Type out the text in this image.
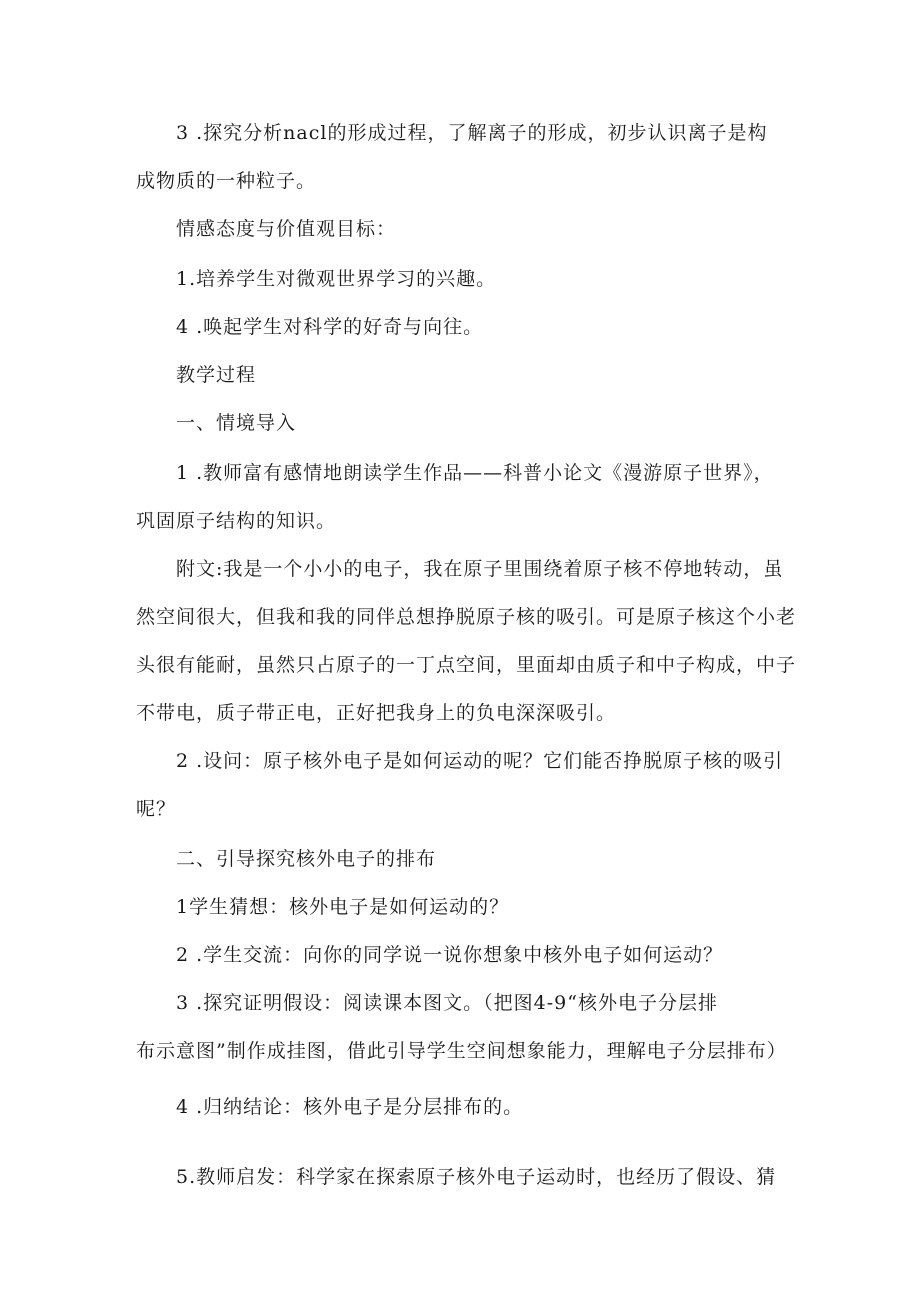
3 .探究分析nacl的形成过程，了解离子的形成，初步认识离子是构
成物质的一种粒子。
情感态度与价值观目标：
1.培养学生对微观世界学习的兴趣。
4 .唤起学生对科学的好奇与向往。
教学过程
一、情境导入
1 .教师富有感情地朗读学生作品——科普小论文《漫游原子世界》，
巩固原子结构的知识。
附文:我是一个小小的电子，我在原子里围绕着原子核不停地转动，虽
然空间很大，但我和我的同伴总想挣脱原子核的吸引。可是原子核这个小老
头很有能耐，虽然只占原子的一丁点空间，里面却由质子和中子构成，中子
不带电，质子带正电，正好把我身上的负电深深吸引。
2 .设问：原子核外电子是如何运动的呢？它们能否挣脱原子核的吸引
呢？
二、引导探究核外电子的排布
1学生猜想：核外电子是如何运动的？
2 .学生交流：向你的同学说一说你想象中核外电子如何运动？
3 .探究证明假设：阅读课本图文。（把图4-9“核外电子分层排
布示意图”制作成挂图，借此引导学生空间想象能力，理解电子分层排布）
4 .归纳结论：核外电子是分层排布的。
5.教师启发：科学家在探索原子核外电子运动时，也经历了假设、猜
